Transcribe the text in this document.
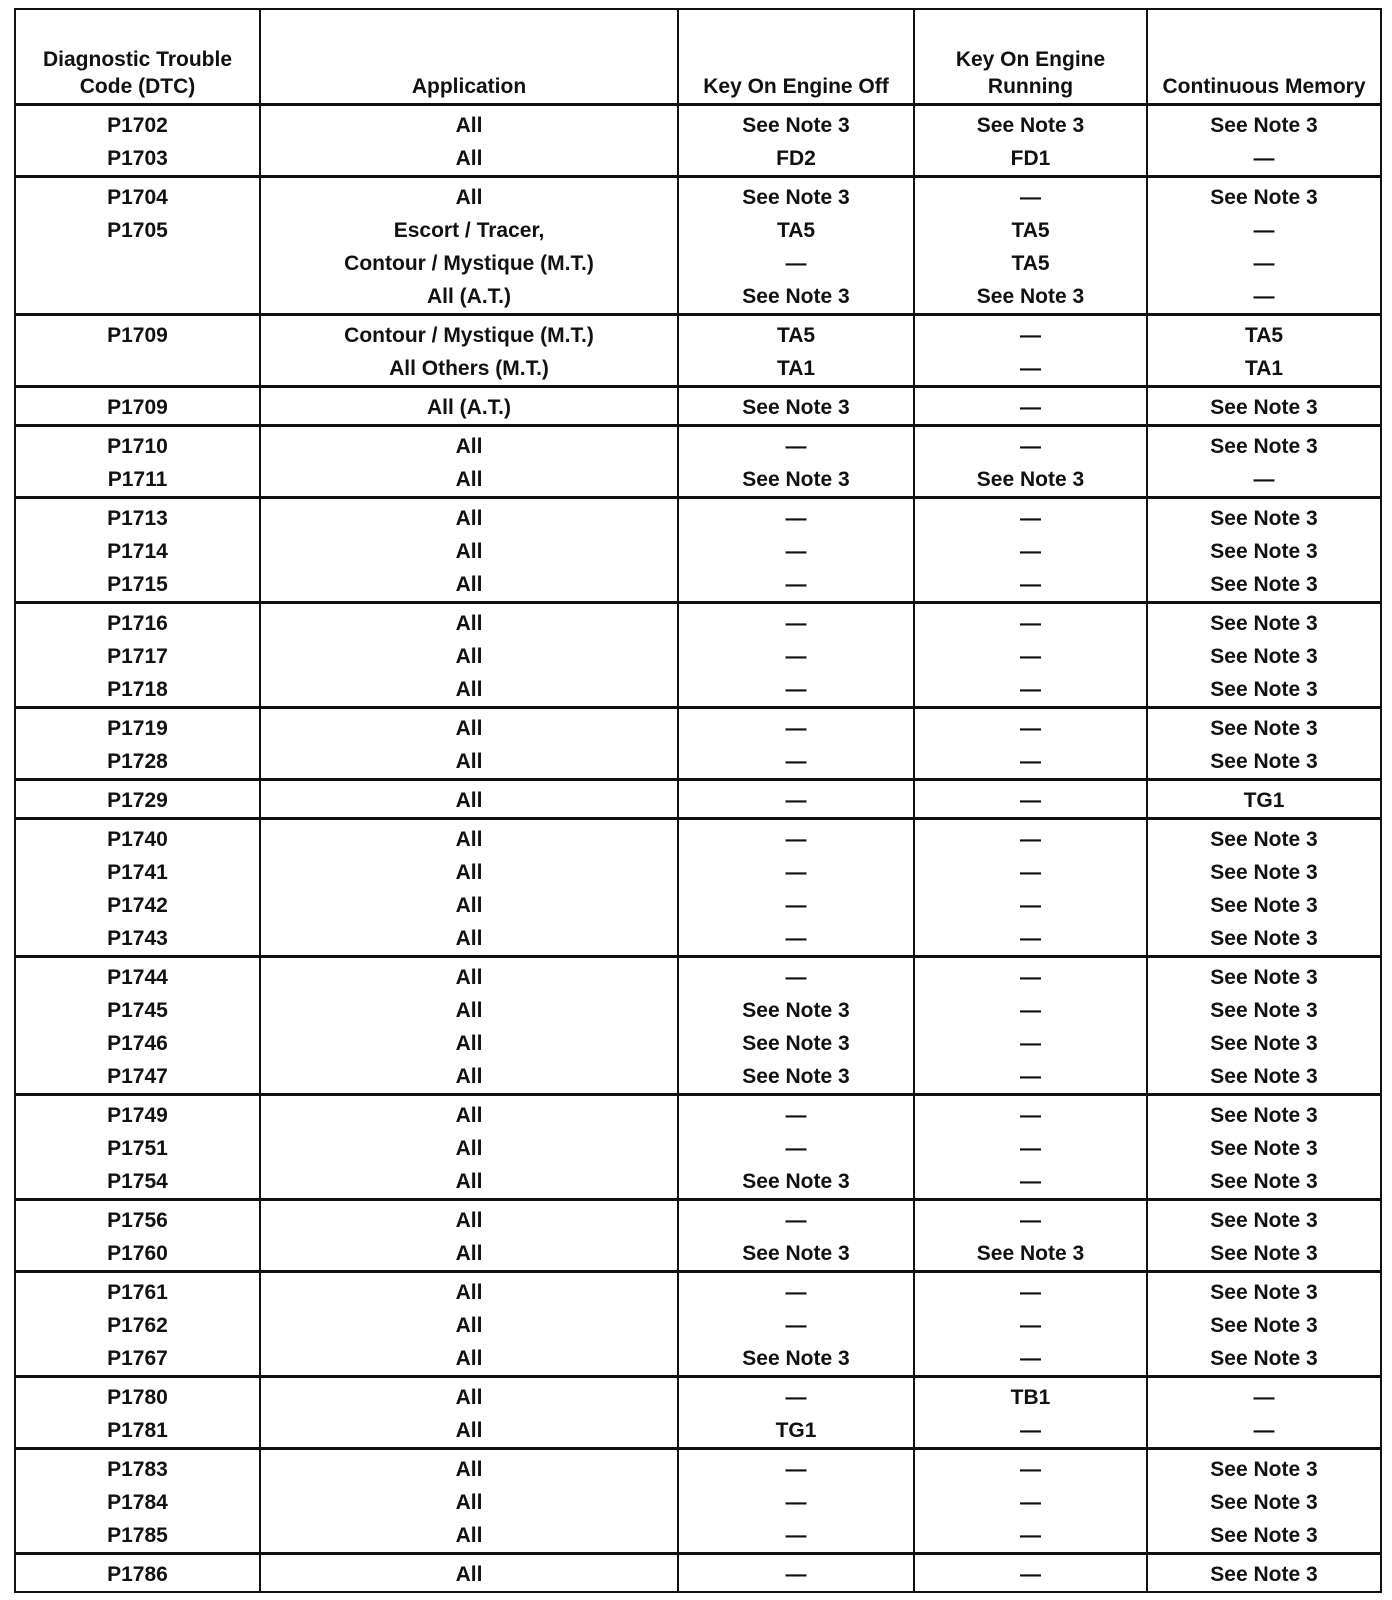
Diagnostic Trouble Code (DTC)	Application	Key On Engine Off	Key On Engine Running	Continuous Memory
P1702	All	See Note 3	See Note 3	See Note 3
P1703	All	FD2	FD1	—
P1704	All	See Note 3	—	See Note 3
P1705	Escort / Tracer,	TA5	TA5	—
	Contour / Mystique (M.T.)	—	TA5	—
	All (A.T.)	See Note 3	See Note 3	—
P1709	Contour / Mystique (M.T.)	TA5	—	TA5
	All Others (M.T.)	TA1	—	TA1
P1709	All (A.T.)	See Note 3	—	See Note 3
P1710	All	—	—	See Note 3
P1711	All	See Note 3	See Note 3	—
P1713	All	—	—	See Note 3
P1714	All	—	—	See Note 3
P1715	All	—	—	See Note 3
P1716	All	—	—	See Note 3
P1717	All	—	—	See Note 3
P1718	All	—	—	See Note 3
P1719	All	—	—	See Note 3
P1728	All	—	—	See Note 3
P1729	All	—	—	TG1
P1740	All	—	—	See Note 3
P1741	All	—	—	See Note 3
P1742	All	—	—	See Note 3
P1743	All	—	—	See Note 3
P1744	All	—	—	See Note 3
P1745	All	See Note 3	—	See Note 3
P1746	All	See Note 3	—	See Note 3
P1747	All	See Note 3	—	See Note 3
P1749	All	—	—	See Note 3
P1751	All	—	—	See Note 3
P1754	All	See Note 3	—	See Note 3
P1756	All	—	—	See Note 3
P1760	All	See Note 3	See Note 3	See Note 3
P1761	All	—	—	See Note 3
P1762	All	—	—	See Note 3
P1767	All	See Note 3	—	See Note 3
P1780	All	—	TB1	—
P1781	All	TG1	—	—
P1783	All	—	—	See Note 3
P1784	All	—	—	See Note 3
P1785	All	—	—	See Note 3
P1786	All	—	—	See Note 3
